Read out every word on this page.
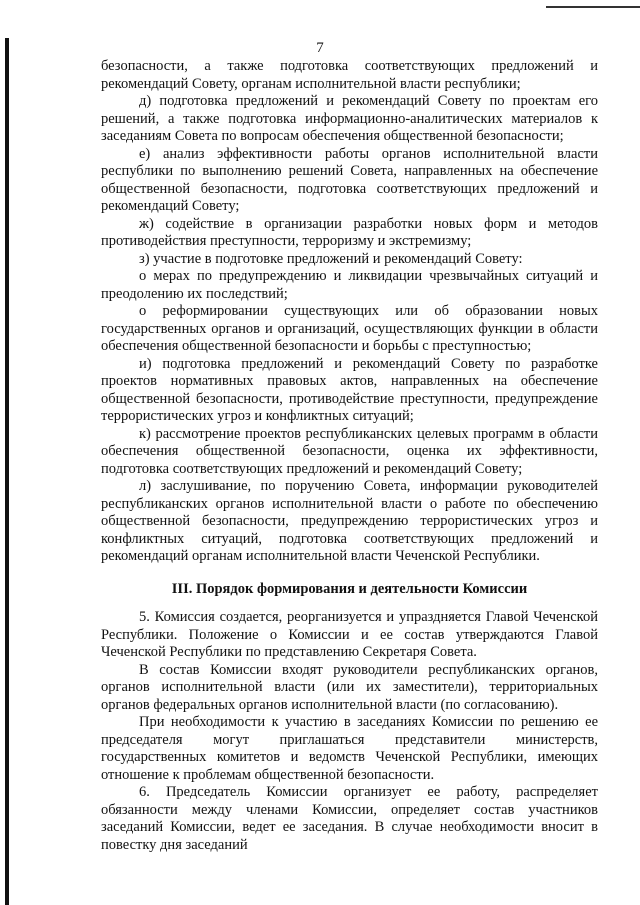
7

безопасности, а также подготовка соответствующих предложений и рекомендаций Совету, органам исполнительной власти республики;

д) подготовка предложений и рекомендаций Совету по проектам его решений, а также подготовка информационно-аналитических материалов к заседаниям Совета по вопросам обеспечения общественной безопасности;

е) анализ эффективности работы органов исполнительной власти республики по выполнению решений Совета, направленных на обеспечение общественной безопасности, подготовка соответствующих предложений и рекомендаций Совету;

ж) содействие в организации разработки новых форм и методов противодействия преступности, терроризму и экстремизму;

з) участие в подготовке предложений и рекомендаций Совету:

о мерах по предупреждению и ликвидации чрезвычайных ситуаций и преодолению их последствий;

о реформировании существующих или об образовании новых государственных органов и организаций, осуществляющих функции в области обеспечения общественной безопасности и борьбы с преступностью;

и) подготовка предложений и рекомендаций Совету по разработке проектов нормативных правовых актов, направленных на обеспечение общественной безопасности, противодействие преступности, предупреждение террористических угроз и конфликтных ситуаций;

к) рассмотрение проектов республиканских целевых программ в области обеспечения общественной безопасности, оценка их эффективности, подготовка соответствующих предложений и рекомендаций Совету;

л) заслушивание, по поручению Совета, информации руководителей республиканских органов исполнительной власти о работе по обеспечению общественной безопасности, предупреждению террористических угроз и конфликтных ситуаций, подготовка соответствующих предложений и рекомендаций органам исполнительной власти Чеченской Республики.

III. Порядок формирования и деятельности Комиссии

5. Комиссия создается, реорганизуется и упраздняется Главой Чеченской Республики. Положение о Комиссии и ее состав утверждаются Главой Чеченской Республики по представлению Секретаря Совета.

В состав Комиссии входят руководители республиканских органов, органов исполнительной власти (или их заместители), территориальных органов федеральных органов исполнительной власти (по согласованию).

При необходимости к участию в заседаниях Комиссии по решению ее председателя могут приглашаться представители министерств, государственных комитетов и ведомств Чеченской Республики, имеющих отношение к проблемам общественной безопасности.

6. Председатель Комиссии организует ее работу, распределяет обязанности между членами Комиссии, определяет состав участников заседаний Комиссии, ведет ее заседания. В случае необходимости вносит в повестку дня заседаний
